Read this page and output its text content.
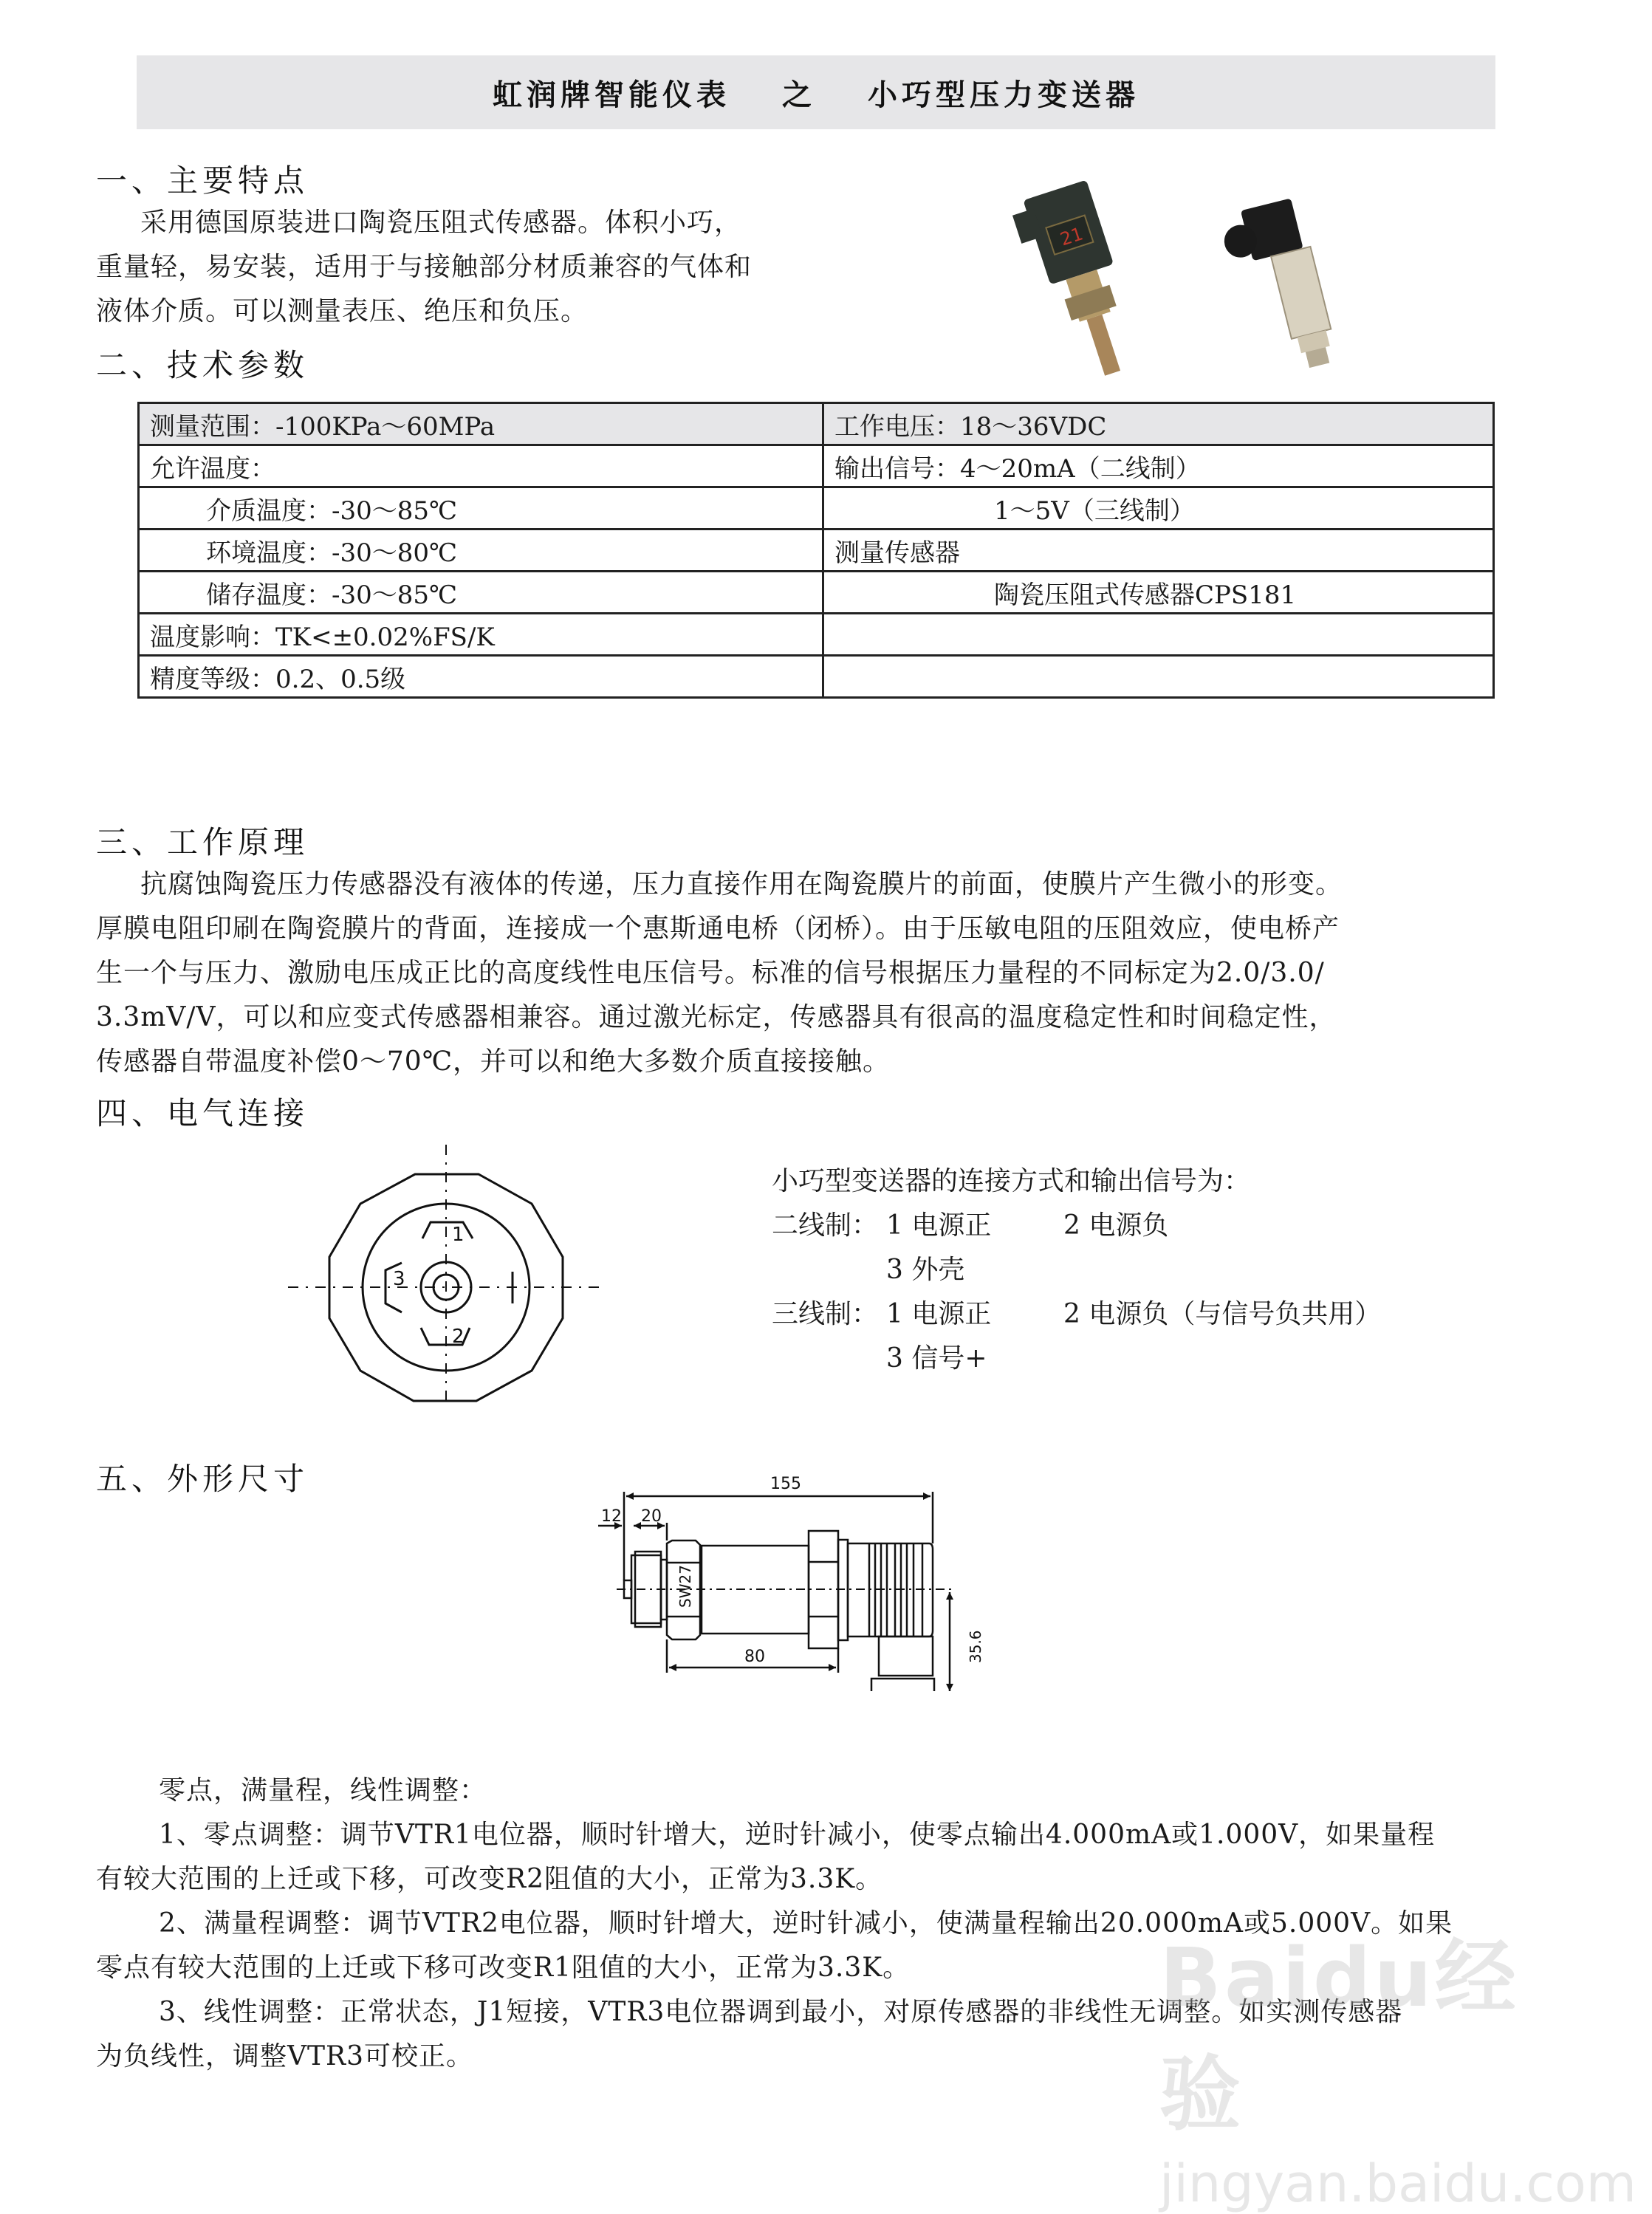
虹润牌智能仪表 之 小巧型压力变送器
一、主要特点

采用德国原装进口陶瓷压阻式传感器。体积小巧，

重量轻，易安装，适用于与接触部分材质兼容的气体和

液体介质。可以测量表压、绝压和负压。

21
二、技术参数
测量范围：-100KPa～60MPa	工作电压：18～36VDC
允许温度：	输出信号：4～20mA（二线制）
介质温度：-30～85℃	1～5V（三线制）
环境温度：-30～80℃	测量传感器
储存温度：-30～85℃	陶瓷压阻式传感器CPS181
温度影响：TK<±0.02%FS/K	
精度等级：0.2、0.5级	
三、工作原理

抗腐蚀陶瓷压力传感器没有液体的传递，压力直接作用在陶瓷膜片的前面，使膜片产生微小的形变。

厚膜电阻印刷在陶瓷膜片的背面，连接成一个惠斯通电桥（闭桥）。由于压敏电阻的压阻效应，使电桥产

生一个与压力、激励电压成正比的高度线性电压信号。标准的信号根据压力量程的不同标定为2.0/3.0/

3.3mV/V，可以和应变式传感器相兼容。通过激光标定，传感器具有很高的温度稳定性和时间稳定性，

传感器自带温度补偿0～70℃，并可以和绝大多数介质直接接触。

四、电气连接
1
2
3
小巧型变送器的连接方式和输出信号为：
二线制： 1 电源正	2 电源负
3 外壳
三线制： 1 电源正	2 电源负（与信号负共用）
3 信号+
五、外形尺寸	155
12 20
80	35.6
SW27

零点，满量程，线性调整：

1、零点调整：调节VTR1电位器，顺时针增大，逆时针减小，使零点输出4.000mA或1.000V，如果量程

有较大范围的上迁或下移，可改变R2阻值的大小，正常为3.3K。

2、满量程调整：调节VTR2电位器，顺时针增大，逆时针减小，使满量程输出20.000mA或5.000V。如果

零点有较大范围的上迁或下移可改变R1阻值的大小，正常为3.3K。

3、线性调整：正常状态，J1短接，VTR3电位器调到最小，对原传感器的非线性无调整。如实测传感器

为负线性，调整VTR3可校正。

Baidu经验
jingyan.baidu.com
